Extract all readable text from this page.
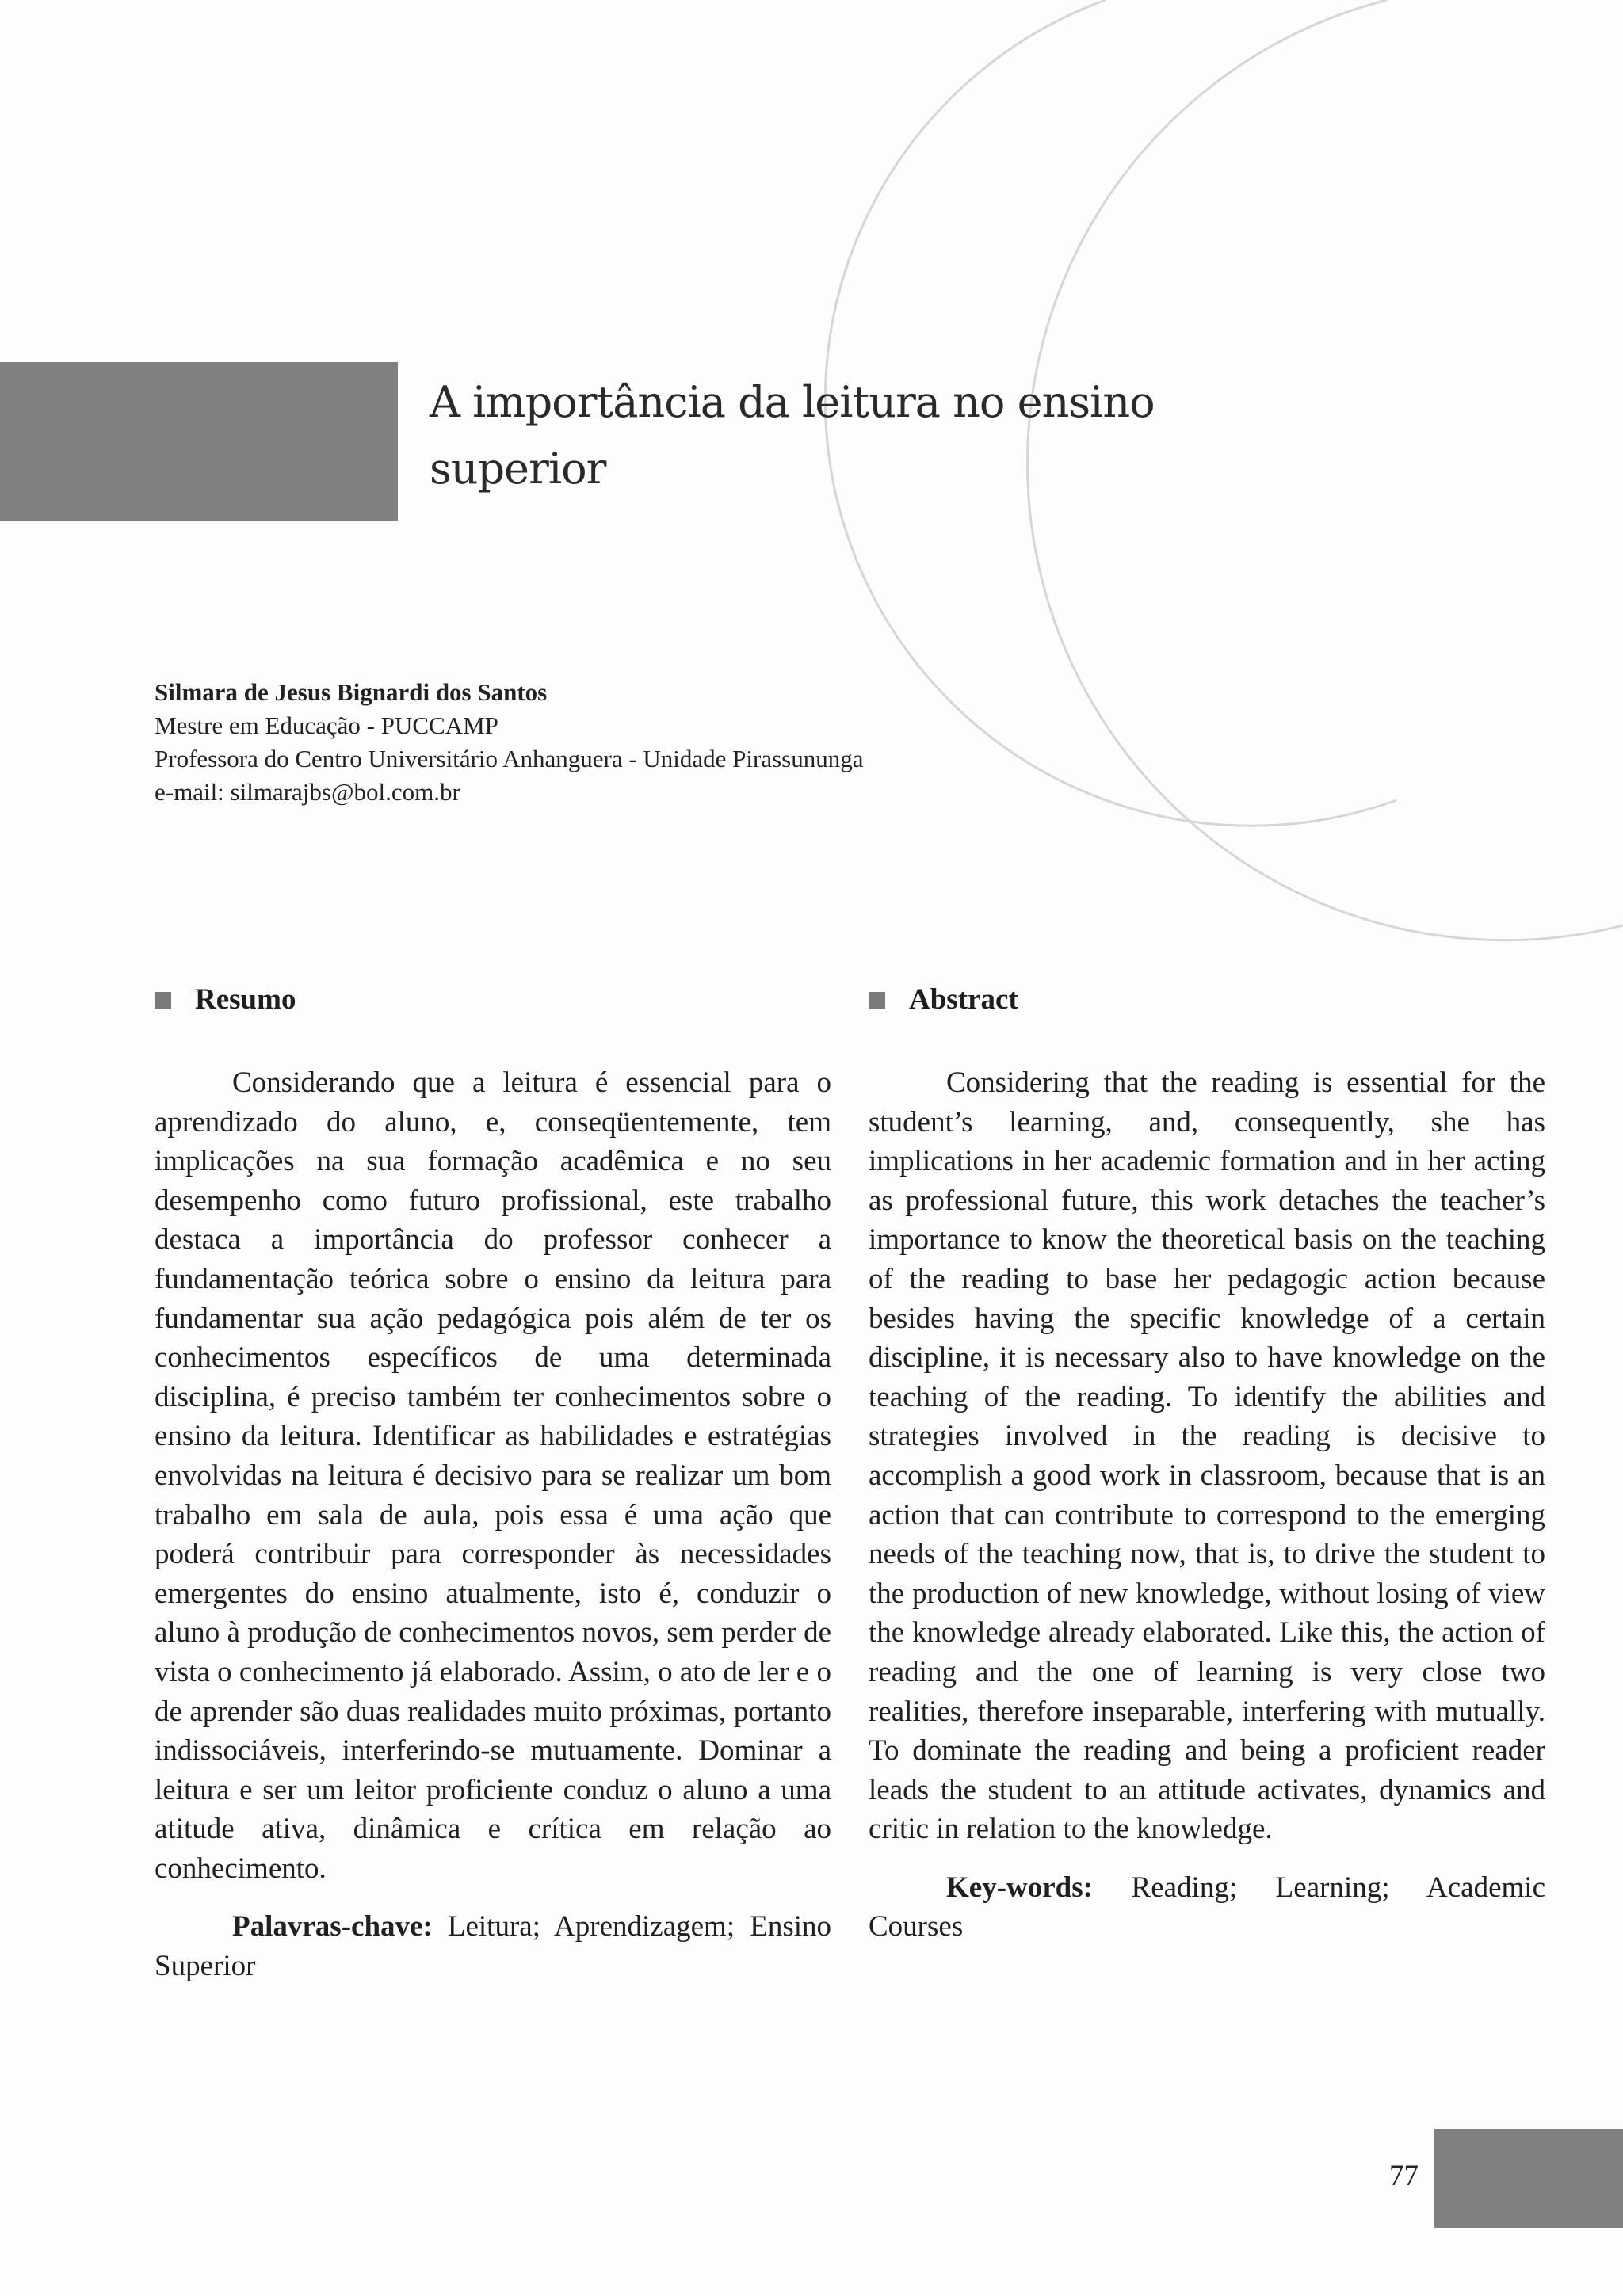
A importância da leitura no ensino
superior
Silmara de Jesus Bignardi dos Santos
Mestre em Educação - PUCCAMP
Professora do Centro Universitário Anhanguera - Unidade Pirassunungа
e-mail: silmarajbs@bol.com.br
Resumo

Considerando que a leitura é essencial para o aprendizado do aluno, e, conseqüentemente, tem implicações na sua formação acadêmica e no seu desempenho como futuro profissional, este trabalho destaca a importância do professor conhecer a fundamentação teórica sobre o ensino da leitura para fundamentar sua ação pedagógica pois além de ter os conhecimentos específicos de uma determinada disciplina, é preciso também ter conhecimentos sobre o ensino da leitura. Identificar as habilidades e estratégias envolvidas na leitura é decisivo para se realizar um bom trabalho em sala de aula, pois essa é uma ação que poderá contribuir para corresponder às necessidades emergentes do ensino atualmente, isto é, conduzir o aluno à produção de conhecimentos novos, sem perder de vista o conhecimento já elaborado. Assim, o ato de ler e o de aprender são duas realidades muito próximas, portanto indissociáveis, interferindo-se mutuamente. Dominar a leitura e ser um leitor proficiente conduz o aluno a uma atitude ativa, dinâmica e crítica em relação ao conhecimento.

Palavras-chave: Leitura; Aprendizagem; Ensino Superior

Abstract

Considering that the reading is essential for the student’s learning, and, consequently, she has implications in her academic formation and in her acting as professional future, this work detaches the teacher’s importance to know the theoretical basis on the teaching of the reading to base her pedagogic action because besides having the specific knowledge of a certain discipline, it is necessary also to have knowledge on the teaching of the reading. To identify the abilities and strategies involved in the reading is decisive to accomplish a good work in classroom, because that is an action that can contribute to correspond to the emerging needs of the teaching now, that is, to drive the student to the production of new knowledge, without losing of view the knowledge already elaborated. Like this, the action of reading and the one of learning is very close two realities, therefore inseparable, interfering with mutually. To dominate the reading and being a proficient reader leads the student to an attitude activates, dynamics and critic in relation to the knowledge.

Key-words: Reading; Learning; Academic Courses

77
